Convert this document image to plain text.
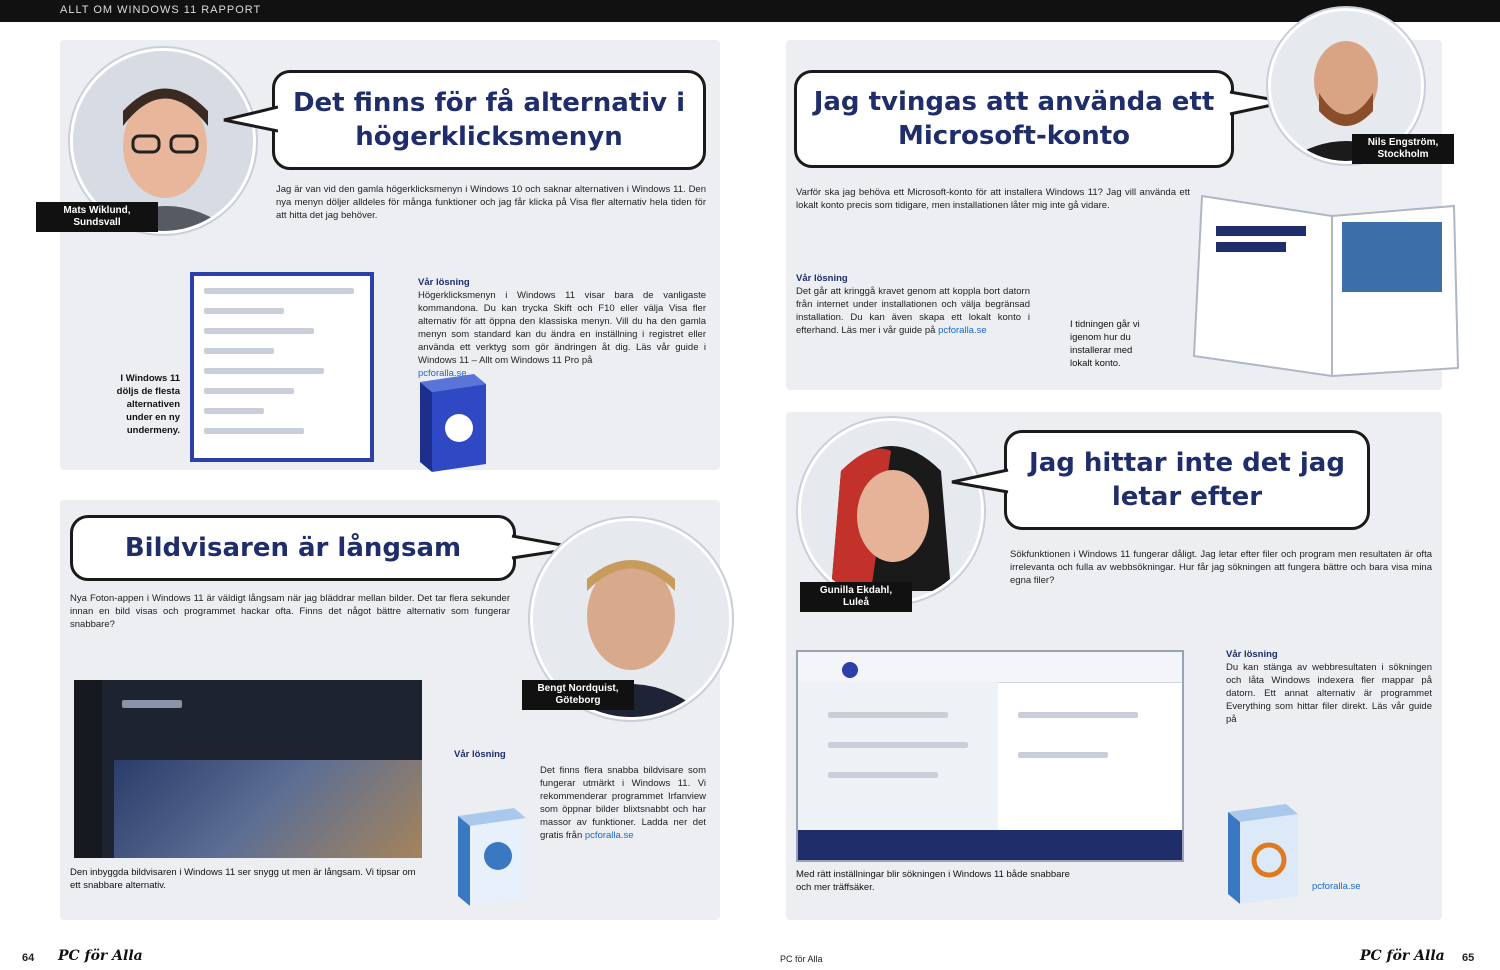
ALLT OM WINDOWS 11 RAPPORT
Mats Wiklund, Sundsvall
Det finns för få alternativ i högerklicksmenyn
Jag är van vid den gamla högerklicksmenyn i Windows 10 och saknar alternativen i Windows 11. Den nya menyn döljer alldeles för många funktioner och jag får klicka på Visa fler alternativ hela tiden för att hitta det jag behöver.
I Windows 11 döljs de flesta alternativen under en ny undermeny.
Vår lösning
Högerklicksmenyn i Windows 11 visar bara de vanligaste kommandona. Du kan trycka Skift och F10 eller välja Visa fler alternativ för att öppna den klassiska menyn. Vill du ha den gamla menyn som standard kan du ändra en inställning i registret eller använda ett verktyg som gör ändringen åt dig. Läs vår guide i Windows 11 – Allt om Windows 11 Pro på
pcforalla.se
Bildvisaren är långsam
Bengt Nordquist, Göteborg
Nya Foton-appen i Windows 11 är väldigt långsam när jag bläddrar mellan bilder. Det tar flera sekunder innan en bild visas och programmet hackar ofta. Finns det något bättre alternativ som fungerar snabbare?
Den inbyggda bildvisaren i Windows 11 ser snygg ut men är långsam. Vi tipsar om ett snabbare alternativ.
Vår lösning
Det finns flera snabba bildvisare som fungerar utmärkt i Windows 11. Vi rekommenderar programmet Irfanview som öppnar bilder blixtsnabbt och har massor av funktioner. Ladda ner det gratis från pcforalla.se
Jag tvingas att använda ett Microsoft-konto	Nils Engström, Stockholm
Varför ska jag behöva ett Microsoft-konto för att installera Windows 11? Jag vill använda ett lokalt konto precis som tidigare, men installationen låter mig inte gå vidare.
Vår lösning
Det går att kringgå kravet genom att koppla bort datorn från internet under installationen och välja begränsad installation. Du kan även skapa ett lokalt konto i efterhand. Läs mer i vår guide på pcforalla.se
I tidningen går vi igenom hur du installerar med lokalt konto.
Gunilla Ekdahl, Luleå
Jag hittar inte det jag letar efter
Sökfunktionen i Windows 11 fungerar dåligt. Jag letar efter filer och program men resultaten är ofta irrelevanta och fulla av webbsökningar. Hur får jag sökningen att fungera bättre och bara visa mina egna filer?
Med rätt inställningar blir sökningen i Windows 11 både snabbare och mer träffsäker.
Vår lösning
Du kan stänga av webbresultaten i sökningen och låta Windows indexera fler mappar på datorn. Ett annat alternativ är programmet Everything som hittar filer direkt. Läs vår guide på
pcforalla.se
64 PC för Alla	PC för Alla	PC för Alla 65
